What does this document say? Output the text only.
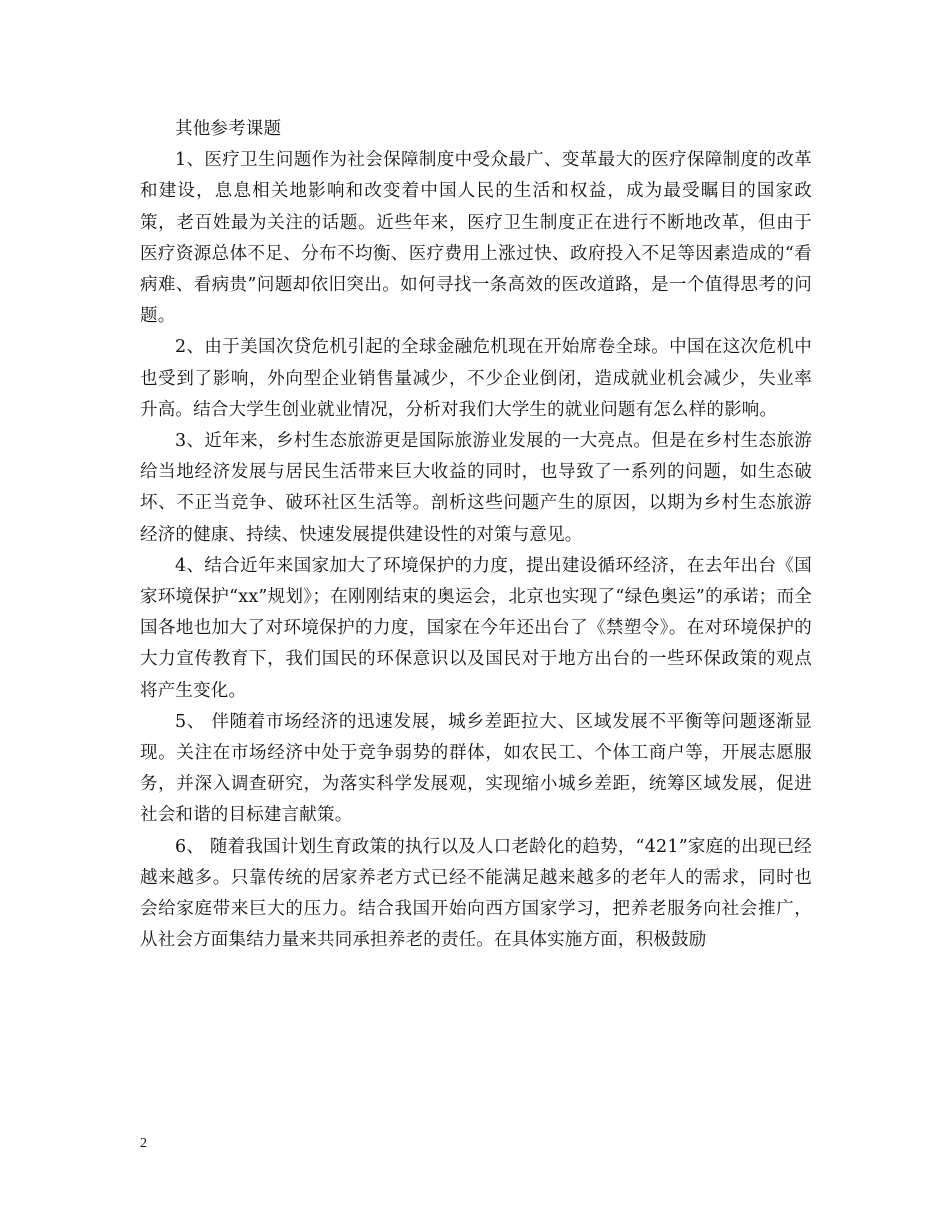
其他参考课题

1、医疗卫生问题作为社会保障制度中受众最广、变革最大的医疗保障制度的改革和建设，息息相关地影响和改变着中国人民的生活和权益，成为最受瞩目的国家政策，老百姓最为关注的话题。近些年来，医疗卫生制度正在进行不断地改革，但由于医疗资源总体不足、分布不均衡、医疗费用上涨过快、政府投入不足等因素造成的“看病难、看病贵”问题却依旧突出。如何寻找一条高效的医改道路，是一个值得思考的问题。

2、由于美国次贷危机引起的全球金融危机现在开始席卷全球。中国在这次危机中也受到了影响，外向型企业销售量减少，不少企业倒闭，造成就业机会减少，失业率升高。结合大学生创业就业情况，分析对我们大学生的就业问题有怎么样的影响。

3、近年来，乡村生态旅游更是国际旅游业发展的一大亮点。但是在乡村生态旅游给当地经济发展与居民生活带来巨大收益的同时，也导致了一系列的问题，如生态破坏、不正当竞争、破环社区生活等。剖析这些问题产生的原因，以期为乡村生态旅游经济的健康、持续、快速发展提供建设性的对策与意见。

4、结合近年来国家加大了环境保护的力度，提出建设循环经济，在去年出台《国家环境保护“xx”规划》；在刚刚结束的奥运会，北京也实现了“绿色奥运”的承诺；而全国各地也加大了对环境保护的力度，国家在今年还出台了《禁塑令》。在对环境保护的大力宣传教育下，我们国民的环保意识以及国民对于地方出台的一些环保政策的观点将产生变化。

5、 伴随着市场经济的迅速发展，城乡差距拉大、区域发展不平衡等问题逐渐显现。关注在市场经济中处于竞争弱势的群体，如农民工、个体工商户等，开展志愿服务，并深入调查研究，为落实科学发展观，实现缩小城乡差距，统筹区域发展，促进社会和谐的目标建言献策。

6、 随着我国计划生育政策的执行以及人口老龄化的趋势，“421”家庭的出现已经越来越多。只靠传统的居家养老方式已经不能满足越来越多的老年人的需求，同时也会给家庭带来巨大的压力。结合我国开始向西方国家学习，把养老服务向社会推广，从社会方面集结力量来共同承担养老的责任。在具体实施方面，积极鼓励

2
